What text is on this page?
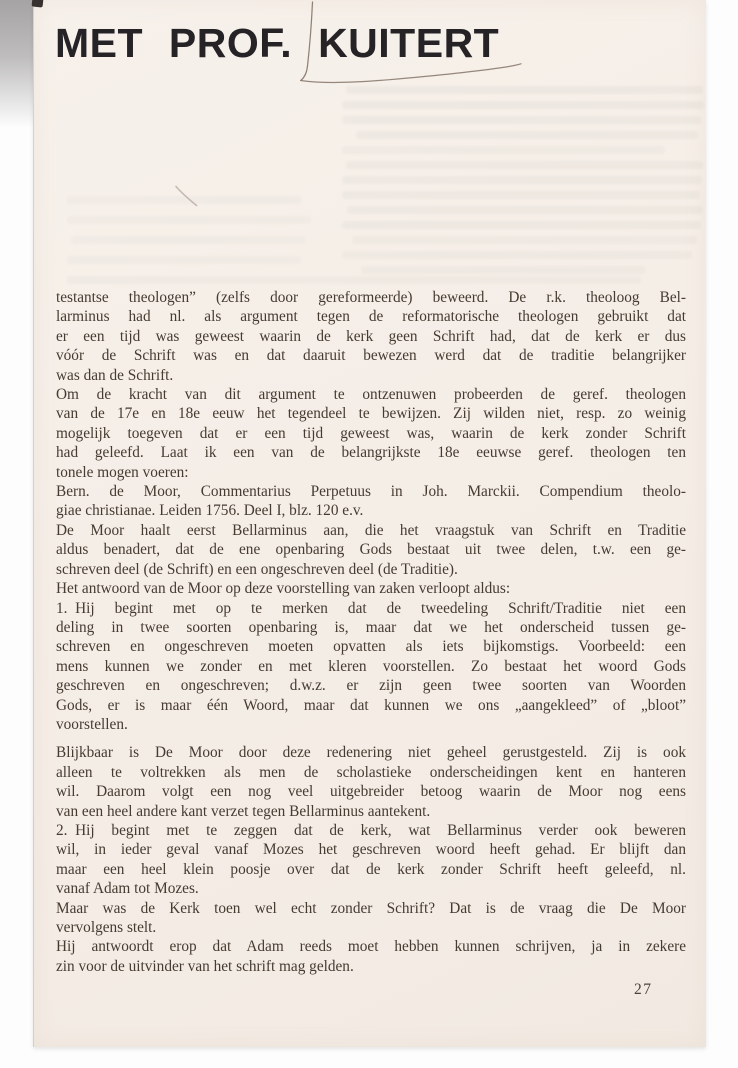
MET PROF. KUITERT
testantse theologen” (zelfs door gereformeerde) beweerd. De r.k. theoloog Bel-
larminus had nl. als argument tegen de reformatorische theologen gebruikt dat
er een tijd was geweest waarin de kerk geen Schrift had, dat de kerk er dus
vóór de Schrift was en dat daaruit bewezen werd dat de traditie belangrijker
was dan de Schrift.
Om de kracht van dit argument te ontzenuwen probeerden de geref. theologen
van de 17e en 18e eeuw het tegendeel te bewijzen. Zij wilden niet, resp. zo weinig
mogelijk toegeven dat er een tijd geweest was, waarin de kerk zonder Schrift
had geleefd. Laat ik een van de belangrijkste 18e eeuwse geref. theologen ten
tonele mogen voeren:
Bern. de Moor, Commentarius Perpetuus in Joh. Marckii. Compendium theolo-
giae christianae. Leiden 1756. Deel I, blz. 120 e.v.
De Moor haalt eerst Bellarminus aan, die het vraagstuk van Schrift en Traditie
aldus benadert, dat de ene openbaring Gods bestaat uit twee delen, t.w. een ge-
schreven deel (de Schrift) en een ongeschreven deel (de Traditie).
Het antwoord van de Moor op deze voorstelling van zaken verloopt aldus:
1. Hij begint met op te merken dat de tweedeling Schrift/Traditie niet een
deling in twee soorten openbaring is, maar dat we het onderscheid tussen ge-
schreven en ongeschreven moeten opvatten als iets bijkomstigs. Voorbeeld: een
mens kunnen we zonder en met kleren voorstellen. Zo bestaat het woord Gods
geschreven en ongeschreven; d.w.z. er zijn geen twee soorten van Woorden
Gods, er is maar één Woord, maar dat kunnen we ons „aangekleed” of „bloot”
voorstellen.
Blijkbaar is De Moor door deze redenering niet geheel gerustgesteld. Zij is ook
alleen te voltrekken als men de scholastieke onderscheidingen kent en hanteren
wil. Daarom volgt een nog veel uitgebreider betoog waarin de Moor nog eens
van een heel andere kant verzet tegen Bellarminus aantekent.
2. Hij begint met te zeggen dat de kerk, wat Bellarminus verder ook beweren
wil, in ieder geval vanaf Mozes het geschreven woord heeft gehad. Er blijft dan
maar een heel klein poosje over dat de kerk zonder Schrift heeft geleefd, nl.
vanaf Adam tot Mozes.
Maar was de Kerk toen wel echt zonder Schrift? Dat is de vraag die De Moor
vervolgens stelt.
Hij antwoordt erop dat Adam reeds moet hebben kunnen schrijven, ja in zekere
zin voor de uitvinder van het schrift mag gelden.
27
